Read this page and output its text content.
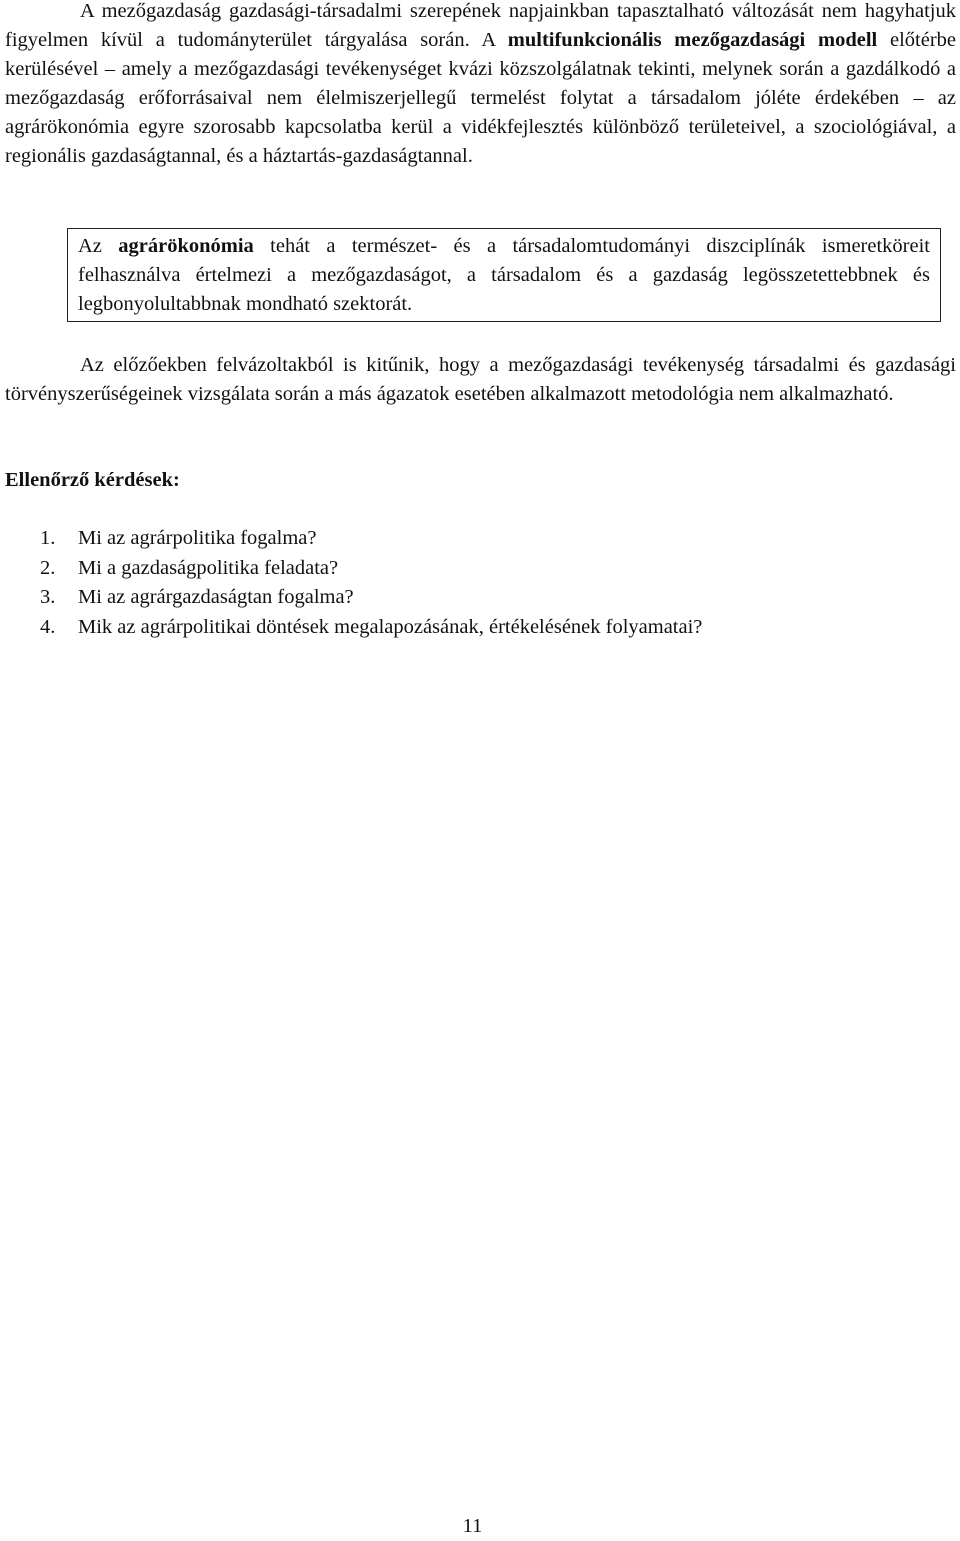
A mezőgazdaság gazdasági-társadalmi szerepének napjainkban tapasztalható változását nem hagyhatjuk figyelmen kívül a tudományterület tárgyalása során. A multifunkcionális mezőgazdasági modell előtérbe kerülésével – amely a mezőgazdasági tevékenységet kvázi közszolgálatnak tekinti, melynek során a gazdálkodó a mezőgazdaság erőforrásaival nem élelmiszerjellegű termelést folytat a társadalom jóléte érdekében – az agrárökonómia egyre szorosabb kapcsolatba kerül a vidékfejlesztés különböző területeivel, a szociológiával, a regionális gazdaságtannal, és a háztartás-gazdaságtannal.

Az agrárökonómia tehát a természet- és a társadalomtudományi diszciplínák ismeretköreit felhasználva értelmezi a mezőgazdaságot, a társadalom és a gazdaság legösszetettebbnek és legbonyolultabbnak mondható szektorát.

Az előzőekben felvázoltakból is kitűnik, hogy a mezőgazdasági tevékenység társadalmi és gazdasági törvényszerűségeinek vizsgálata során a más ágazatok esetében alkalmazott metodológia nem alkalmazható.

Ellenőrző kérdések:

1.	Mi az agrárpolitika fogalma?
2.	Mi a gazdaságpolitika feladata?
3.	Mi az agrárgazdaságtan fogalma?
4.	Mik az agrárpolitikai döntések megalapozásának, értékelésének folyamatai?
11
